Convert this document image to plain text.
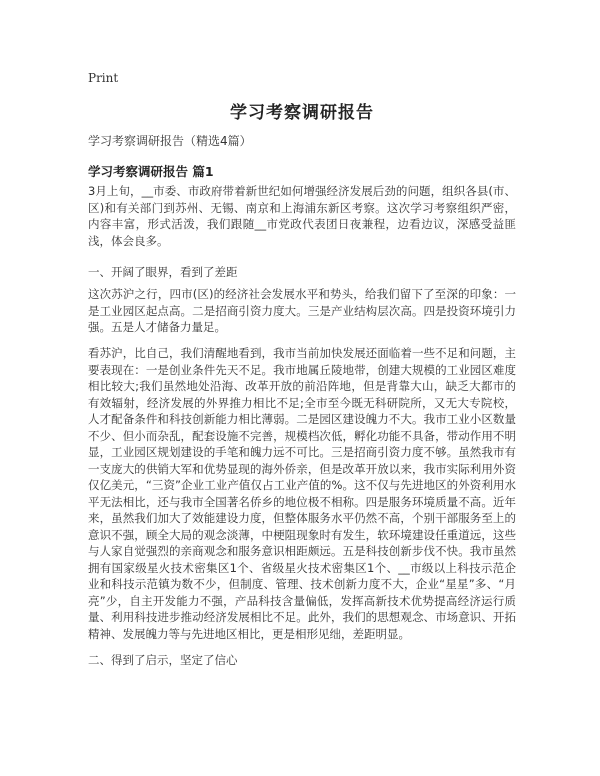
Print
学习考察调研报告
学习考察调研报告（精选4篇）
学习考察调研报告 篇1
3月上旬，__市委、市政府带着新世纪如何增强经济发展后劲的问题，组织各县(市、区)和有关部门到苏州、无锡、南京和上海浦东新区考察。这次学习考察组织严密，内容丰富，形式活泼，我们跟随__市党政代表团日夜兼程，边看边议，深感受益匪浅，体会良多。
一、开阔了眼界，看到了差距
这次苏沪之行，四市(区)的经济社会发展水平和势头，给我们留下了至深的印象：一是工业园区起点高。二是招商引资力度大。三是产业结构层次高。四是投资环境引力强。五是人才储备力量足。
看苏沪，比自己，我们清醒地看到，我市当前加快发展还面临着一些不足和问题，主要表现在：一是创业条件先天不足。我市地属丘陵地带，创建大规模的工业园区难度相比较大;我们虽然地处沿海、改革开放的前沿阵地，但是背靠大山，缺乏大都市的有效辐射，经济发展的外界推力相比不足;全市至今既无科研院所，又无大专院校，人才配备条件和科技创新能力相比薄弱。二是园区建设魄力不大。我市工业小区数量不少、但小而杂乱，配套设施不完善，规模档次低，孵化功能不具备，带动作用不明显，工业园区规划建设的手笔和魄力远不可比。三是招商引资力度不够。虽然我市有一支庞大的供销大军和优势显现的海外侨亲，但是改革开放以来，我市实际利用外资仅亿美元，“三资”企业工业产值仅占工业产值的%。这不仅与先进地区的外资利用水平无法相比，还与我市全国著名侨乡的地位极不相称。四是服务环境质量不高。近年来，虽然我们加大了效能建设力度，但整体服务水平仍然不高，个别干部服务至上的意识不强，顾全大局的观念淡薄，中梗阻现象时有发生，软环境建设任重道远，这些与人家自觉强烈的亲商观念和服务意识相距颇远。五是科技创新步伐不快。我市虽然拥有国家级星火技术密集区1个、省级星火技术密集区1个、__市级以上科技示范企业和科技示范镇为数不少，但制度、管理、技术创新力度不大，企业“星星”多、“月亮”少，自主开发能力不强，产品科技含量偏低，发挥高新技术优势提高经济运行质量、利用科技进步推动经济发展相比不足。此外，我们的思想观念、市场意识、开拓精神、发展魄力等与先进地区相比，更是相形见绌，差距明显。
二、得到了启示，坚定了信心
